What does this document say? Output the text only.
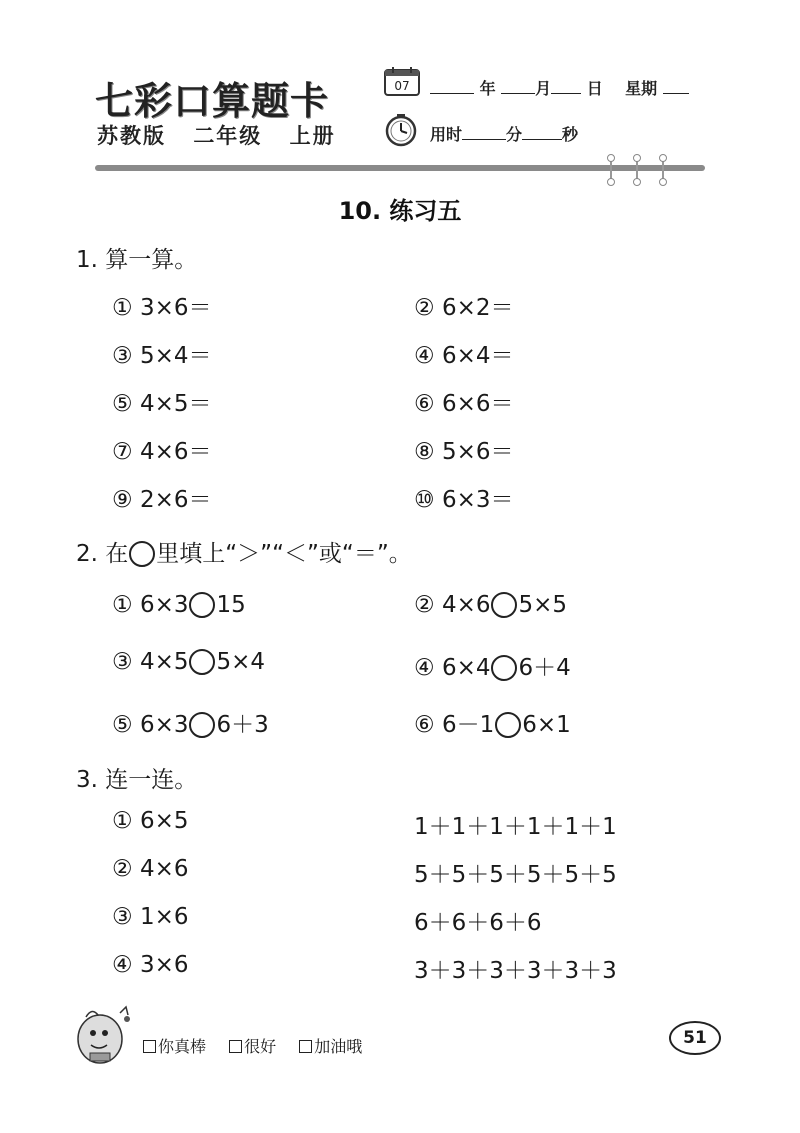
七彩口算题卡
苏教版 二年级 上册
07	年 月 日 星期
用时	分	秒
10. 练习五
1. 算一算。
① 3×6＝	② 6×2＝
③ 5×4＝	④ 6×4＝
⑤ 4×5＝	⑥ 6×6＝
⑦ 4×6＝	⑧ 5×6＝
⑨ 2×6＝	⑩ 6×3＝
2. 在 里填上“＞”“＜”或“＝”。
① 6×3 15	② 4×6 5×5
③ 4×5 5×4	④ 6×4 6＋4
⑤ 6×3 6＋3	⑥ 6－1 6×1
3. 连一连。
① 6×5	1＋1＋1＋1＋1＋1
② 4×6	5＋5＋5＋5＋5＋5
③ 1×6	6＋6＋6＋6
④ 3×6	3＋3＋3＋3＋3＋3
你真棒 很好 加油哦	51
